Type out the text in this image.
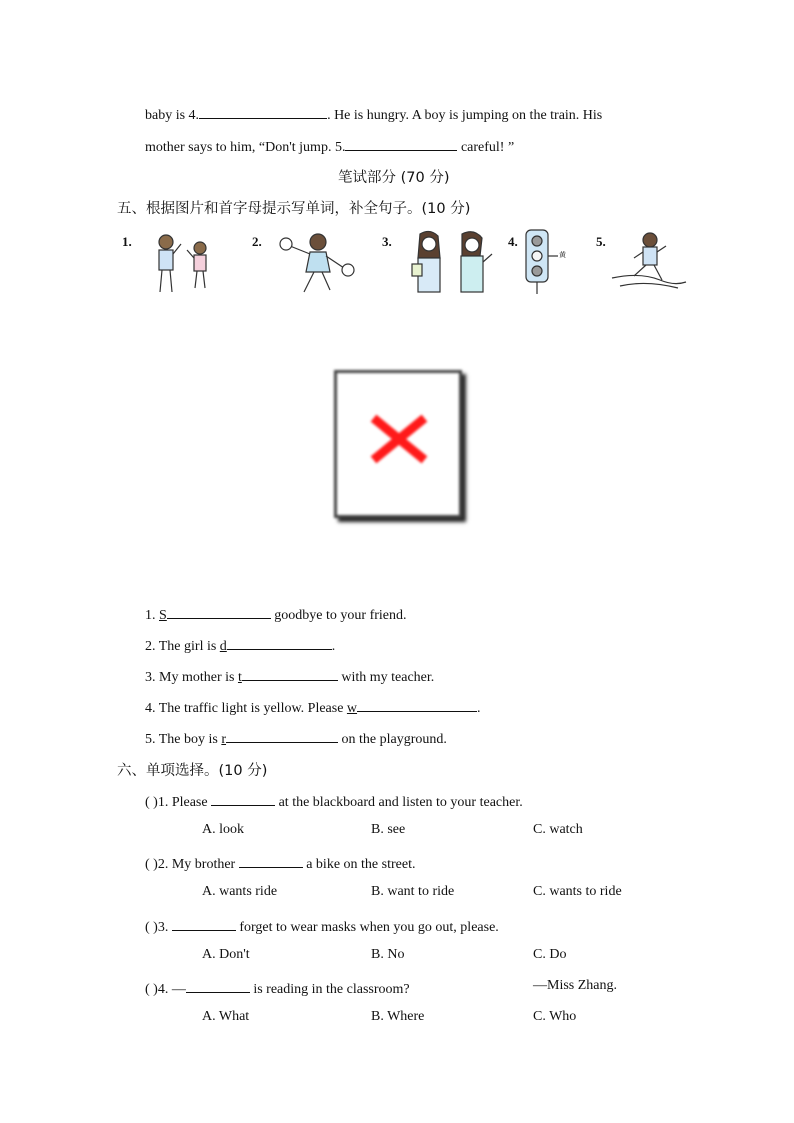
baby is 4.	. He is hungry. A boy is jumping on the train. His
mother says to him, “Don't jump. 5.	careful! ”
笔试部分 (70 分)
五、根据图片和首字母提示写单词，补全句子。(10 分)
1.	2.	3.	4.
黄
5.
1. S	goodbye to your friend.
2. The girl is d	.
3. My mother is t	with my teacher.
4. The traffic light is yellow. Please w	.
5. The boy is r	on the playground.
六、单项选择。(10 分)
( )1. Please	at the blackboard and listen to your teacher.
A. look	B. see	C. watch
( )2. My brother	a bike on the street.
A. wants ride	B. want to ride	C. wants to ride
( )3.	forget to wear masks when you go out, please.
A. Don't	B. No	C. Do
( )4. —	is reading in the classroom?	—Miss Zhang.
A. What	B. Where	C. Who
